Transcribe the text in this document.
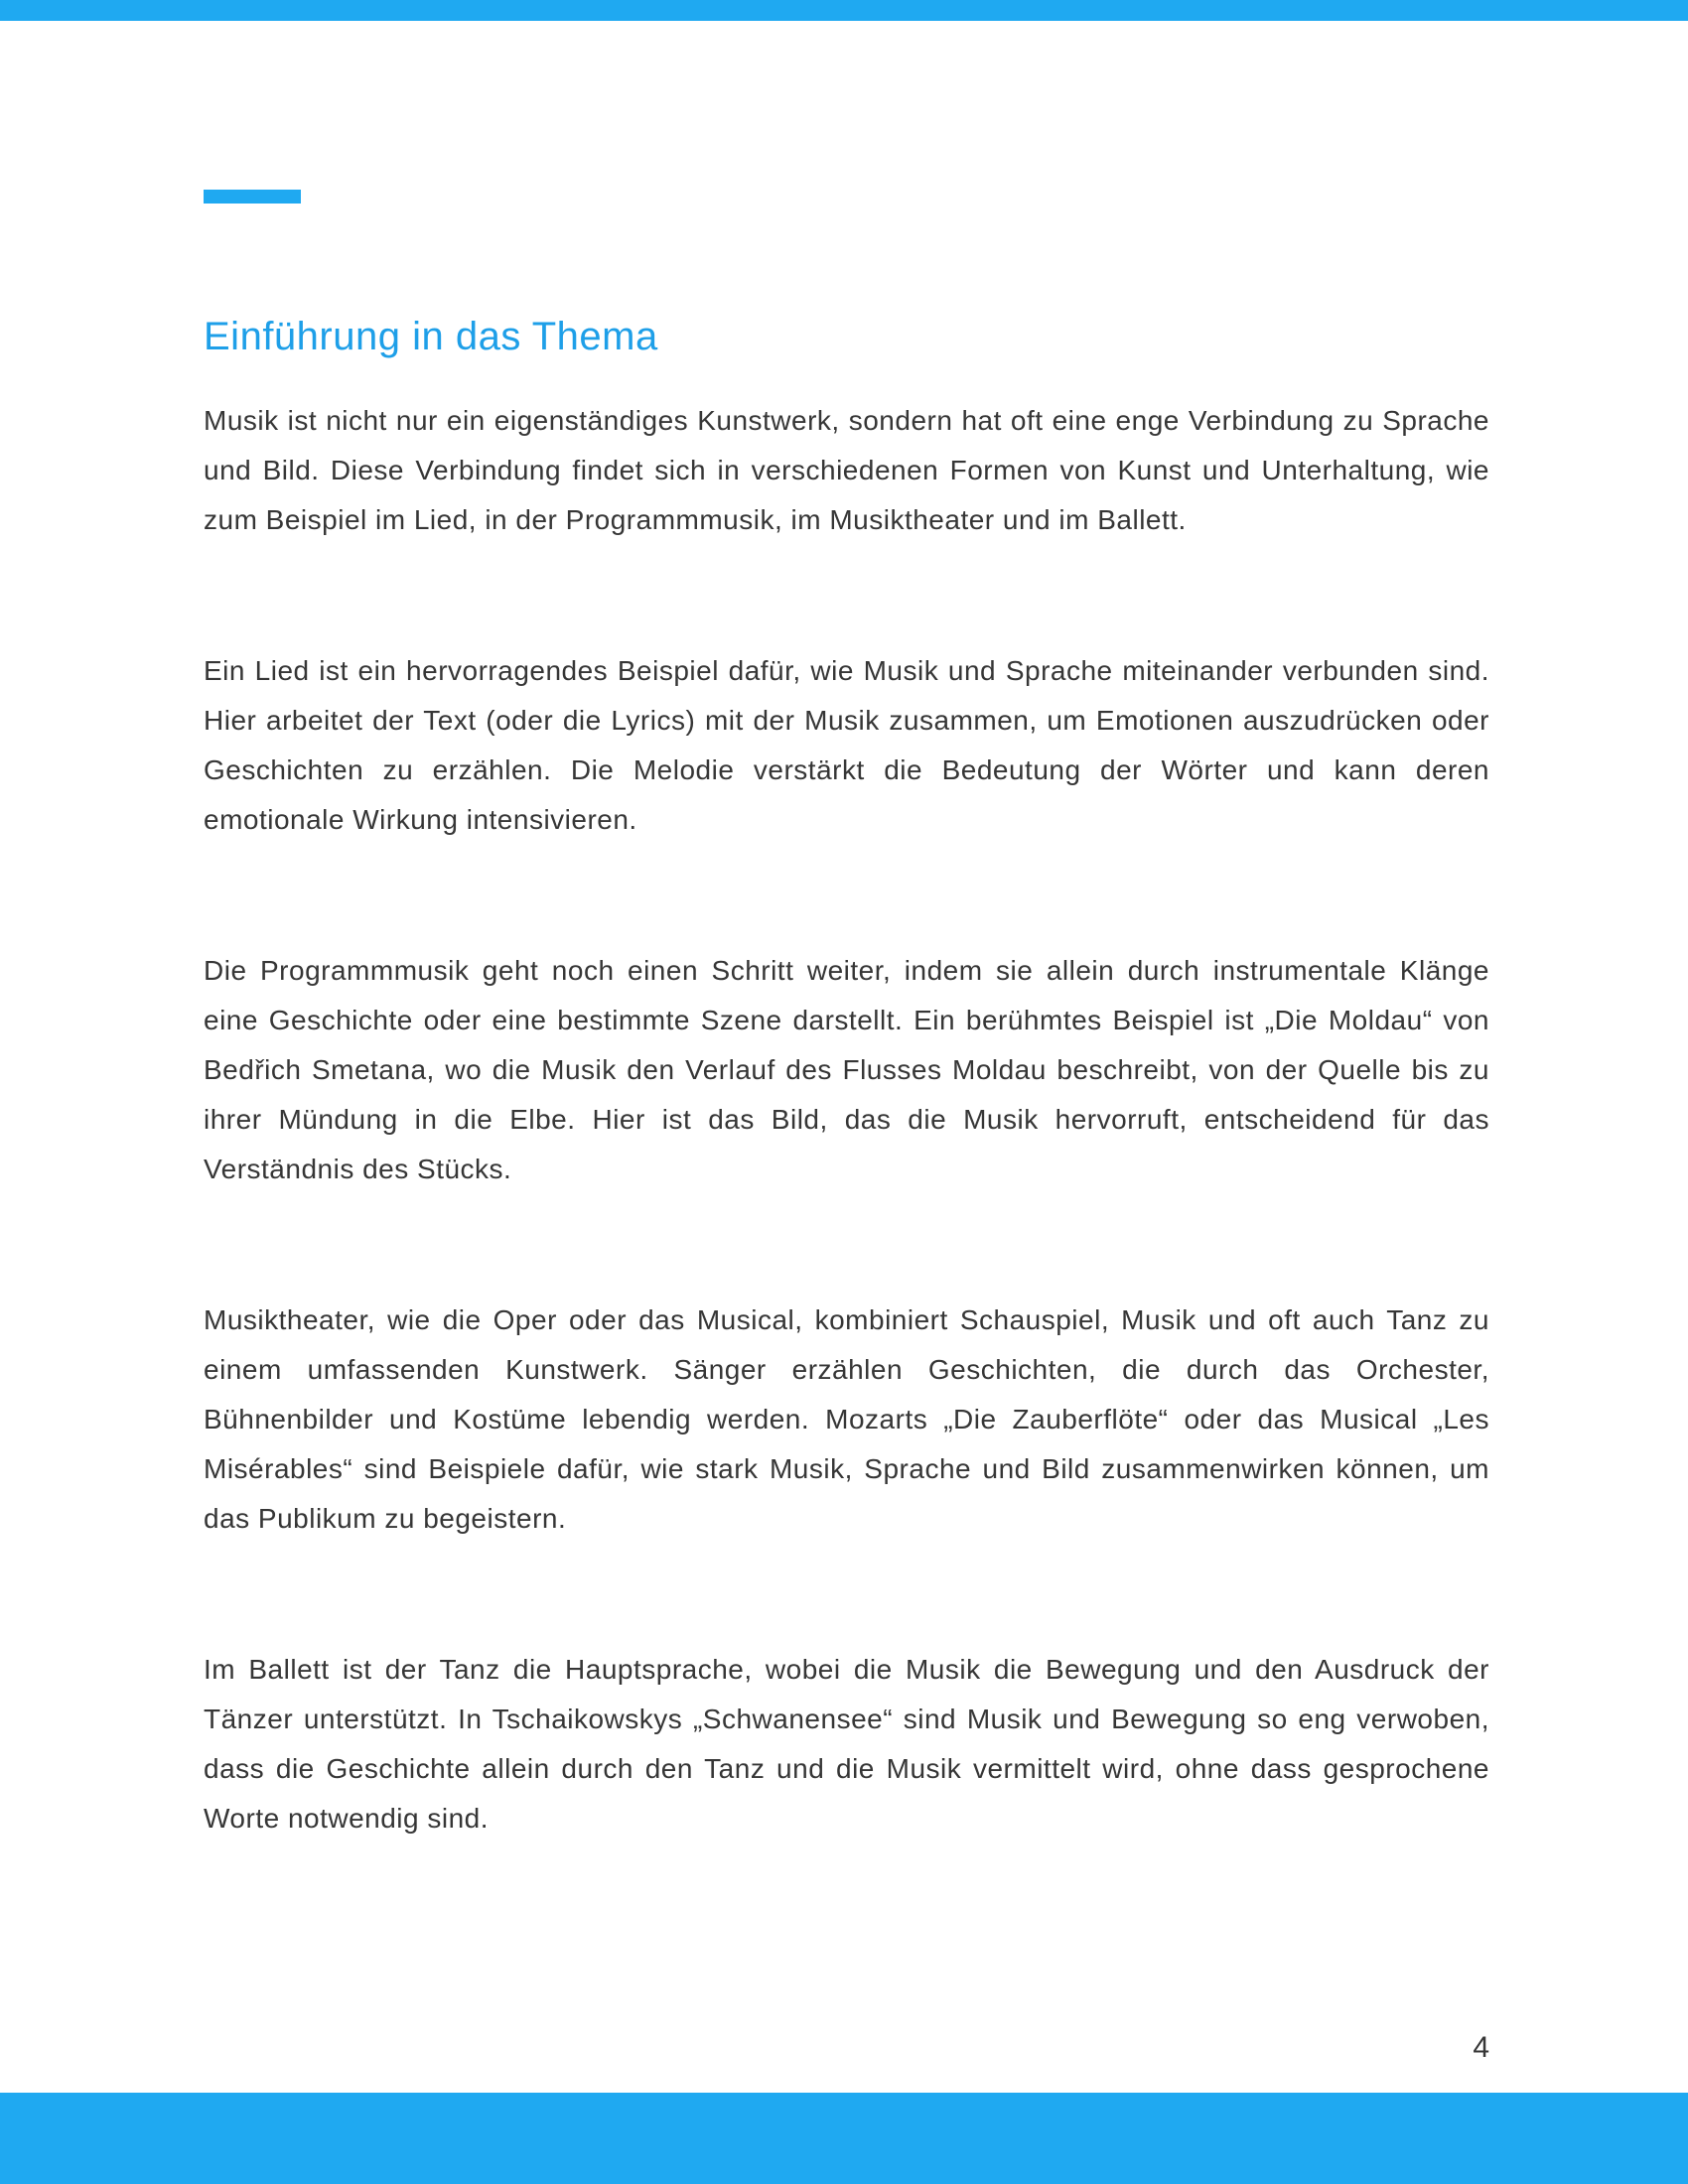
Einführung in das Thema

Musik ist nicht nur ein eigenständiges Kunstwerk, sondern hat oft eine enge Verbindung zu Sprache und Bild. Diese Verbindung findet sich in verschiedenen Formen von Kunst und Unterhaltung, wie zum Beispiel im Lied, in der Programmmusik, im Musiktheater und im Ballett.

Ein Lied ist ein hervorragendes Beispiel dafür, wie Musik und Sprache miteinander verbunden sind. Hier arbeitet der Text (oder die Lyrics) mit der Musik zusammen, um Emotionen auszudrücken oder Geschichten zu erzählen. Die Melodie verstärkt die Bedeutung der Wörter und kann deren emotionale Wirkung intensivieren.

Die Programmmusik geht noch einen Schritt weiter, indem sie allein durch instrumentale Klänge eine Geschichte oder eine bestimmte Szene darstellt. Ein berühmtes Beispiel ist „Die Moldau“ von Bedřich Smetana, wo die Musik den Verlauf des Flusses Moldau beschreibt, von der Quelle bis zu ihrer Mündung in die Elbe. Hier ist das Bild, das die Musik hervorruft, entscheidend für das Verständnis des Stücks.

Musiktheater, wie die Oper oder das Musical, kombiniert Schauspiel, Musik und oft auch Tanz zu einem umfassenden Kunstwerk. Sänger erzählen Geschichten, die durch das Orchester, Bühnenbilder und Kostüme lebendig werden. Mozarts „Die Zauberflöte“ oder das Musical „Les Misérables“ sind Beispiele dafür, wie stark Musik, Sprache und Bild zusammenwirken können, um das Publikum zu begeistern.

Im Ballett ist der Tanz die Hauptsprache, wobei die Musik die Bewegung und den Ausdruck der Tänzer unterstützt. In Tschaikowskys „Schwanensee“ sind Musik und Bewegung so eng verwoben, dass die Geschichte allein durch den Tanz und die Musik vermittelt wird, ohne dass gesprochene Worte notwendig sind.

4
